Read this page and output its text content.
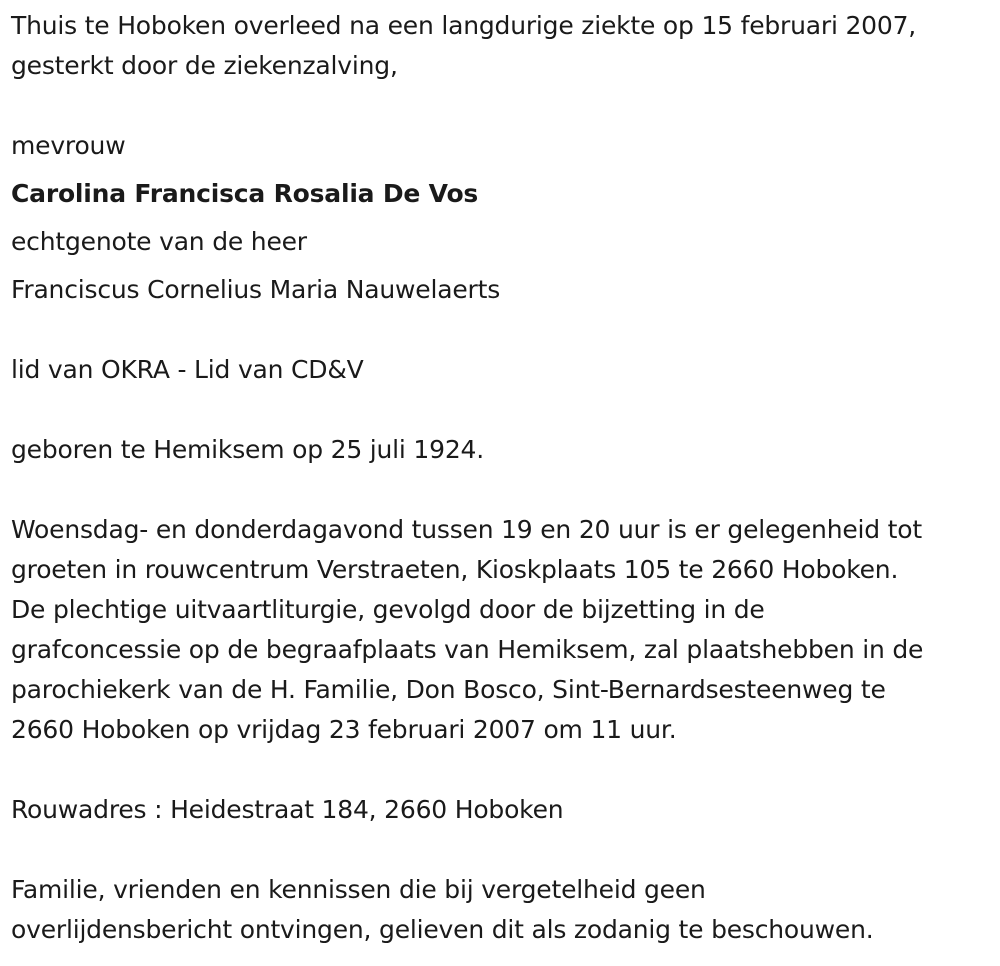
Thuis te Hoboken overleed na een langdurige ziekte op 15 februari 2007,
gesterkt door de ziekenzalving,
mevrouw
Carolina Francisca Rosalia De Vos
echtgenote van de heer
Franciscus Cornelius Maria Nauwelaerts
lid van OKRA - Lid van CD&V
geboren te Hemiksem op 25 juli 1924.
Woensdag- en donderdagavond tussen 19 en 20 uur is er gelegenheid tot
groeten in rouwcentrum Verstraeten, Kioskplaats 105 te 2660 Hoboken.
De plechtige uitvaartliturgie, gevolgd door de bijzetting in de
grafconcessie op de begraafplaats van Hemiksem, zal plaatshebben in de
parochiekerk van de H. Familie, Don Bosco, Sint-Bernardsesteenweg te
2660 Hoboken op vrijdag 23 februari 2007 om 11 uur.
Rouwadres : Heidestraat 184, 2660 Hoboken
Familie, vrienden en kennissen die bij vergetelheid geen
overlijdensbericht ontvingen, gelieven dit als zodanig te beschouwen.
